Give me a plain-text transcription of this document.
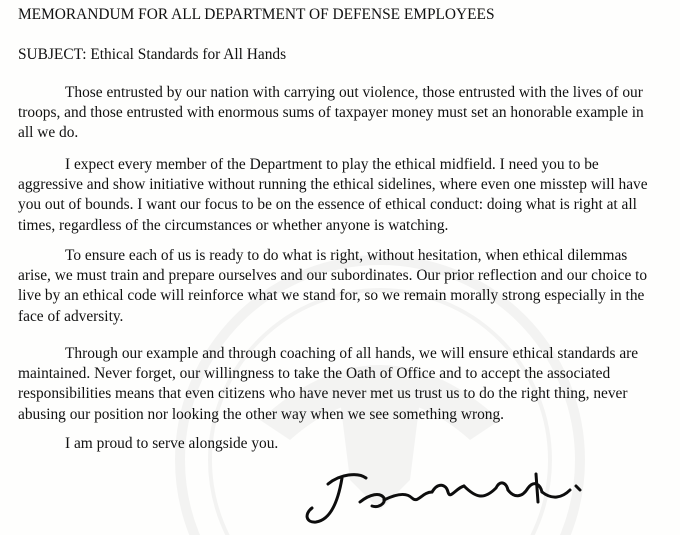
MEMORANDUM FOR ALL DEPARTMENT OF DEFENSE EMPLOYEES

SUBJECT: Ethical Standards for All Hands

Those entrusted by our nation with carrying out violence, those entrusted with the lives of our troops, and those entrusted with enormous sums of taxpayer money must set an honorable example in all we do.

I expect every member of the Department to play the ethical midfield. I need you to be aggressive and show initiative without running the ethical sidelines, where even one misstep will have you out of bounds. I want our focus to be on the essence of ethical conduct: doing what is right at all times, regardless of the circumstances or whether anyone is watching.

To ensure each of us is ready to do what is right, without hesitation, when ethical dilemmas arise, we must train and prepare ourselves and our subordinates. Our prior reflection and our choice to live by an ethical code will reinforce what we stand for, so we remain morally strong especially in the face of adversity.

Through our example and through coaching of all hands, we will ensure ethical standards are maintained. Never forget, our willingness to take the Oath of Office and to accept the associated responsibilities means that even citizens who have never met us trust us to do the right thing, never abusing our position nor looking the other way when we see something wrong.

I am proud to serve alongside you.
